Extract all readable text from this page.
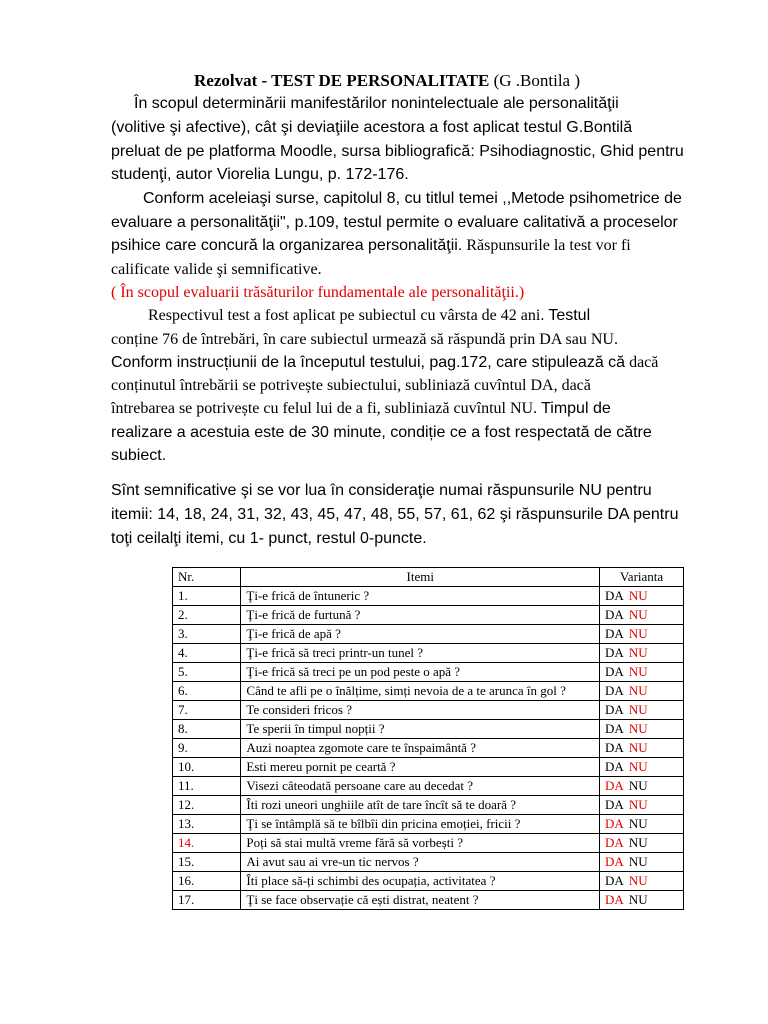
Rezolvat - TEST DE PERSONALITATE (G .Bontila )
În scopul determinării manifestărilor nonintelectuale ale personalităţii
(volitive şi afective), cât şi deviaţiile acestora a fost aplicat testul G.Bontilă
preluat de pe platforma Moodle, sursa bibliografică: Psihodiagnostic, Ghid pentru
studenţi, autor Viorelia Lungu, p. 172-176.
Conform aceleiaşi surse, capitolul 8, cu titlul temei ,,Metode psihometrice de
evaluare a personalităţii", p.109, testul permite o evaluare calitativă a proceselor
psihice care concură la organizarea personalităţii. Răspunsurile la test vor fi
calificate valide şi semnificative.
( În scopul evaluarii trăsăturilor fundamentale ale personalităţii.)
Respectivul test a fost aplicat pe subiectul cu vârsta de 42 ani. Testul
conține 76 de întrebări, în care subiectul urmează să răspundă prin DA sau NU.
Conform instrucțiunii de la începutul testului, pag.172, care stipulează că dacă
conținutul întrebării se potrivește subiectului, subliniază cuvîntul DA, dacă
întrebarea se potrivește cu felul lui de a fi, subliniază cuvîntul NU. Timpul de
realizare a acestuia este de 30 minute, condiție ce a fost respectată de către
subiect.
Sînt semnificative şi se vor lua în consideraţie numai răspunsurile NU pentru
itemii: 14, 18, 24, 31, 32, 43, 45, 47, 48, 55, 57, 61, 62 şi răspunsurile DA pentru
toţi ceilalţi itemi, cu 1- punct, restul 0-puncte.
Nr.	Itemi	Varianta
1.	Ţi-e frică de întuneric ?	DA NU
2.	Ţi-e frică de furtună ?	DA NU
3.	Ţi-e frică de apă ?	DA NU
4.	Ţi-e frică să treci printr-un tunel ?	DA NU
5.	Ţi-e frică să treci pe un pod peste o apă ?	DA NU
6.	Când te afli pe o înălțime, simți nevoia de a te arunca în gol ?	DA NU
7.	Te consideri fricos ?	DA NU
8.	Te sperii în timpul nopții ?	DA NU
9.	Auzi noaptea zgomote care te înspaimântă ?	DA NU
10.	Esti mereu pornit pe ceartă ?	DA NU
11.	Visezi câteodată persoane care au decedat ?	DA NU
12.	Îti rozi uneori unghiile atît de tare încît să te doară ?	DA NU
13.	Ţi se întâmplă să te bîlbîi din pricina emoției, fricii ?	DA NU
14.	Poți să stai multă vreme fără să vorbești ?	DA NU
15.	Ai avut sau ai vre-un tic nervos ?	DA NU
16.	Îti place să-ți schimbi des ocupația, activitatea ?	DA NU
17.	Ţi se face observație că ești distrat, neatent ?	DA NU
